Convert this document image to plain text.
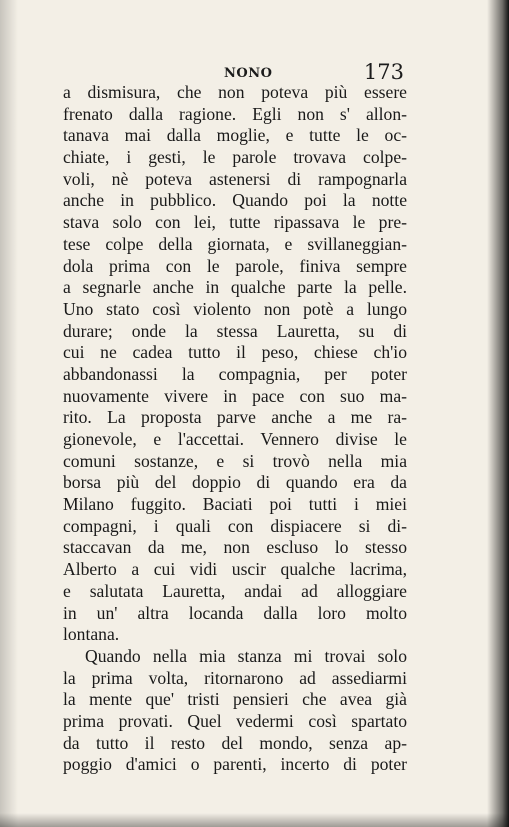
NONO	173
a dismisura, che non poteva più essere
frenato dalla ragione. Egli non s' allon-
tanava mai dalla moglie, e tutte le oc-
chiate, i gesti, le parole trovava colpe-
voli, nè poteva astenersi di rampognarla
anche in pubblico. Quando poi la notte
stava solo con lei, tutte ripassava le pre-
tese colpe della giornata, e svillaneggian-
dola prima con le parole, finiva sempre
a segnarle anche in qualche parte la pelle.
Uno stato così violento non potè a lungo
durare; onde la stessa Lauretta, su di
cui ne cadea tutto il peso, chiese ch'io
abbandonassi la compagnia, per poter
nuovamente vivere in pace con suo ma-
rito. La proposta parve anche a me ra-
gionevole, e l'accettai. Vennero divise le
comuni sostanze, e si trovò nella mia
borsa più del doppio di quando era da
Milano fuggito. Baciati poi tutti i miei
compagni, i quali con dispiacere si di-
staccavan da me, non escluso lo stesso
Alberto a cui vidi uscir qualche lacrima,
e salutata Lauretta, andai ad alloggiare
in un' altra locanda dalla loro molto
lontana.
Quando nella mia stanza mi trovai solo
la prima volta, ritornarono ad assediarmi
la mente que' tristi pensieri che avea già
prima provati. Quel vedermi così spartato
da tutto il resto del mondo, senza ap-
poggio d'amici o parenti, incerto di poter
